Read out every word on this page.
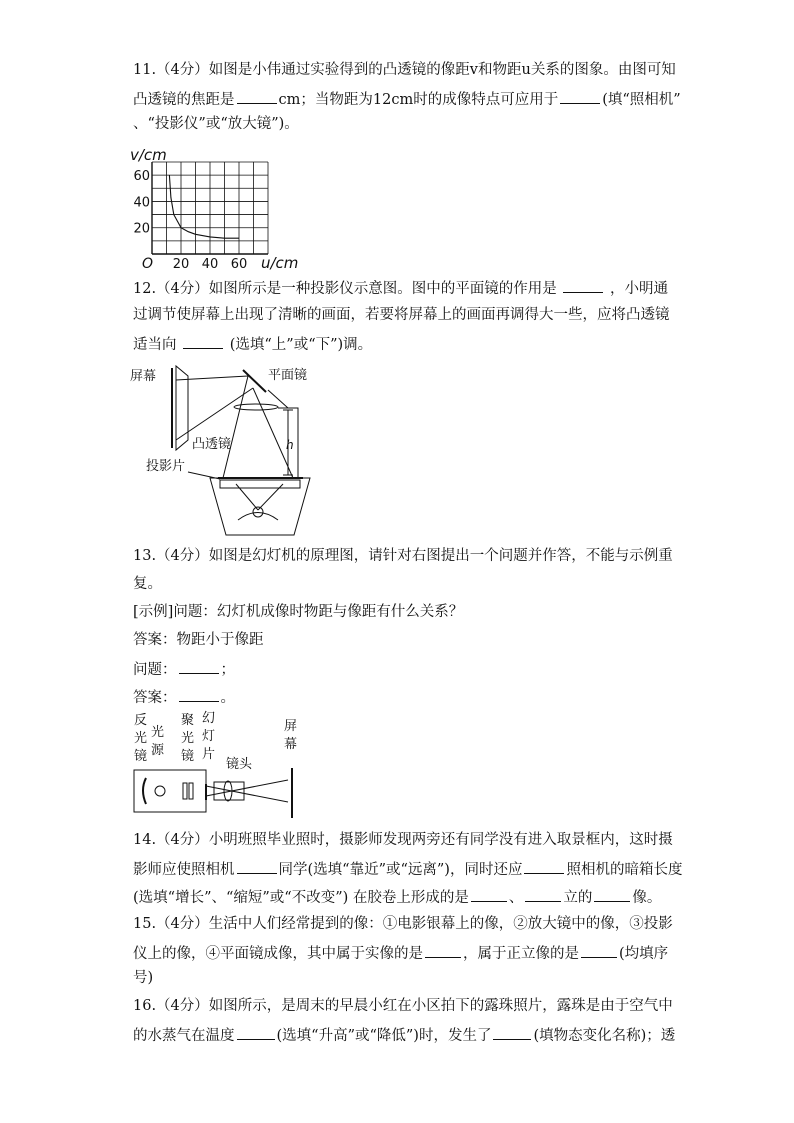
11.（4分）如图是小伟通过实验得到的凸透镜的像距v和物距u关系的图象。由图可知
凸透镜的焦距是	cm；当物距为12cm时的成像特点可应用于	(填“照相机”
、“投影仪”或“放大镜”)。
v/cm
O	u/cm
20 40 60
20
40
60
12.（4分）如图所示是一种投影仪示意图。图中的平面镜的作用是	，小明通
过调节使屏幕上出现了清晰的画面，若要将屏幕上的画面再调得大一些，应将凸透镜
适当向	(选填“上”或“下”)调。
屏幕	平面镜
凸透镜	h
投影片
13.（4分）如图是幻灯机的原理图，请针对右图提出一个问题并作答，不能与示例重
复。
[示例]问题：幻灯机成像时物距与像距有什么关系？
答案：物距小于像距
问题：	；
答案：	。
反光镜
光源
聚光镜
幻灯片
镜头
屏幕
14.（4分）小明班照毕业照时，摄影师发现两旁还有同学没有进入取景框内，这时摄
影师应使照相机	同学(选填“靠近”或“远离”)，同时还应	照相机的暗箱长度
(选填“增长”、“缩短”或“不改变”) 在胶卷上形成的是	、	立的	像。
15.（4分）生活中人们经常提到的像：①电影银幕上的像，②放大镜中的像，③投影
仪上的像，④平面镜成像，其中属于实像的是	，属于正立像的是	(均填序
号)
16.（4分）如图所示，是周末的早晨小红在小区拍下的露珠照片，露珠是由于空气中
的水蒸气在温度	(选填“升高”或“降低”)时，发生了	(填物态变化名称)；透
